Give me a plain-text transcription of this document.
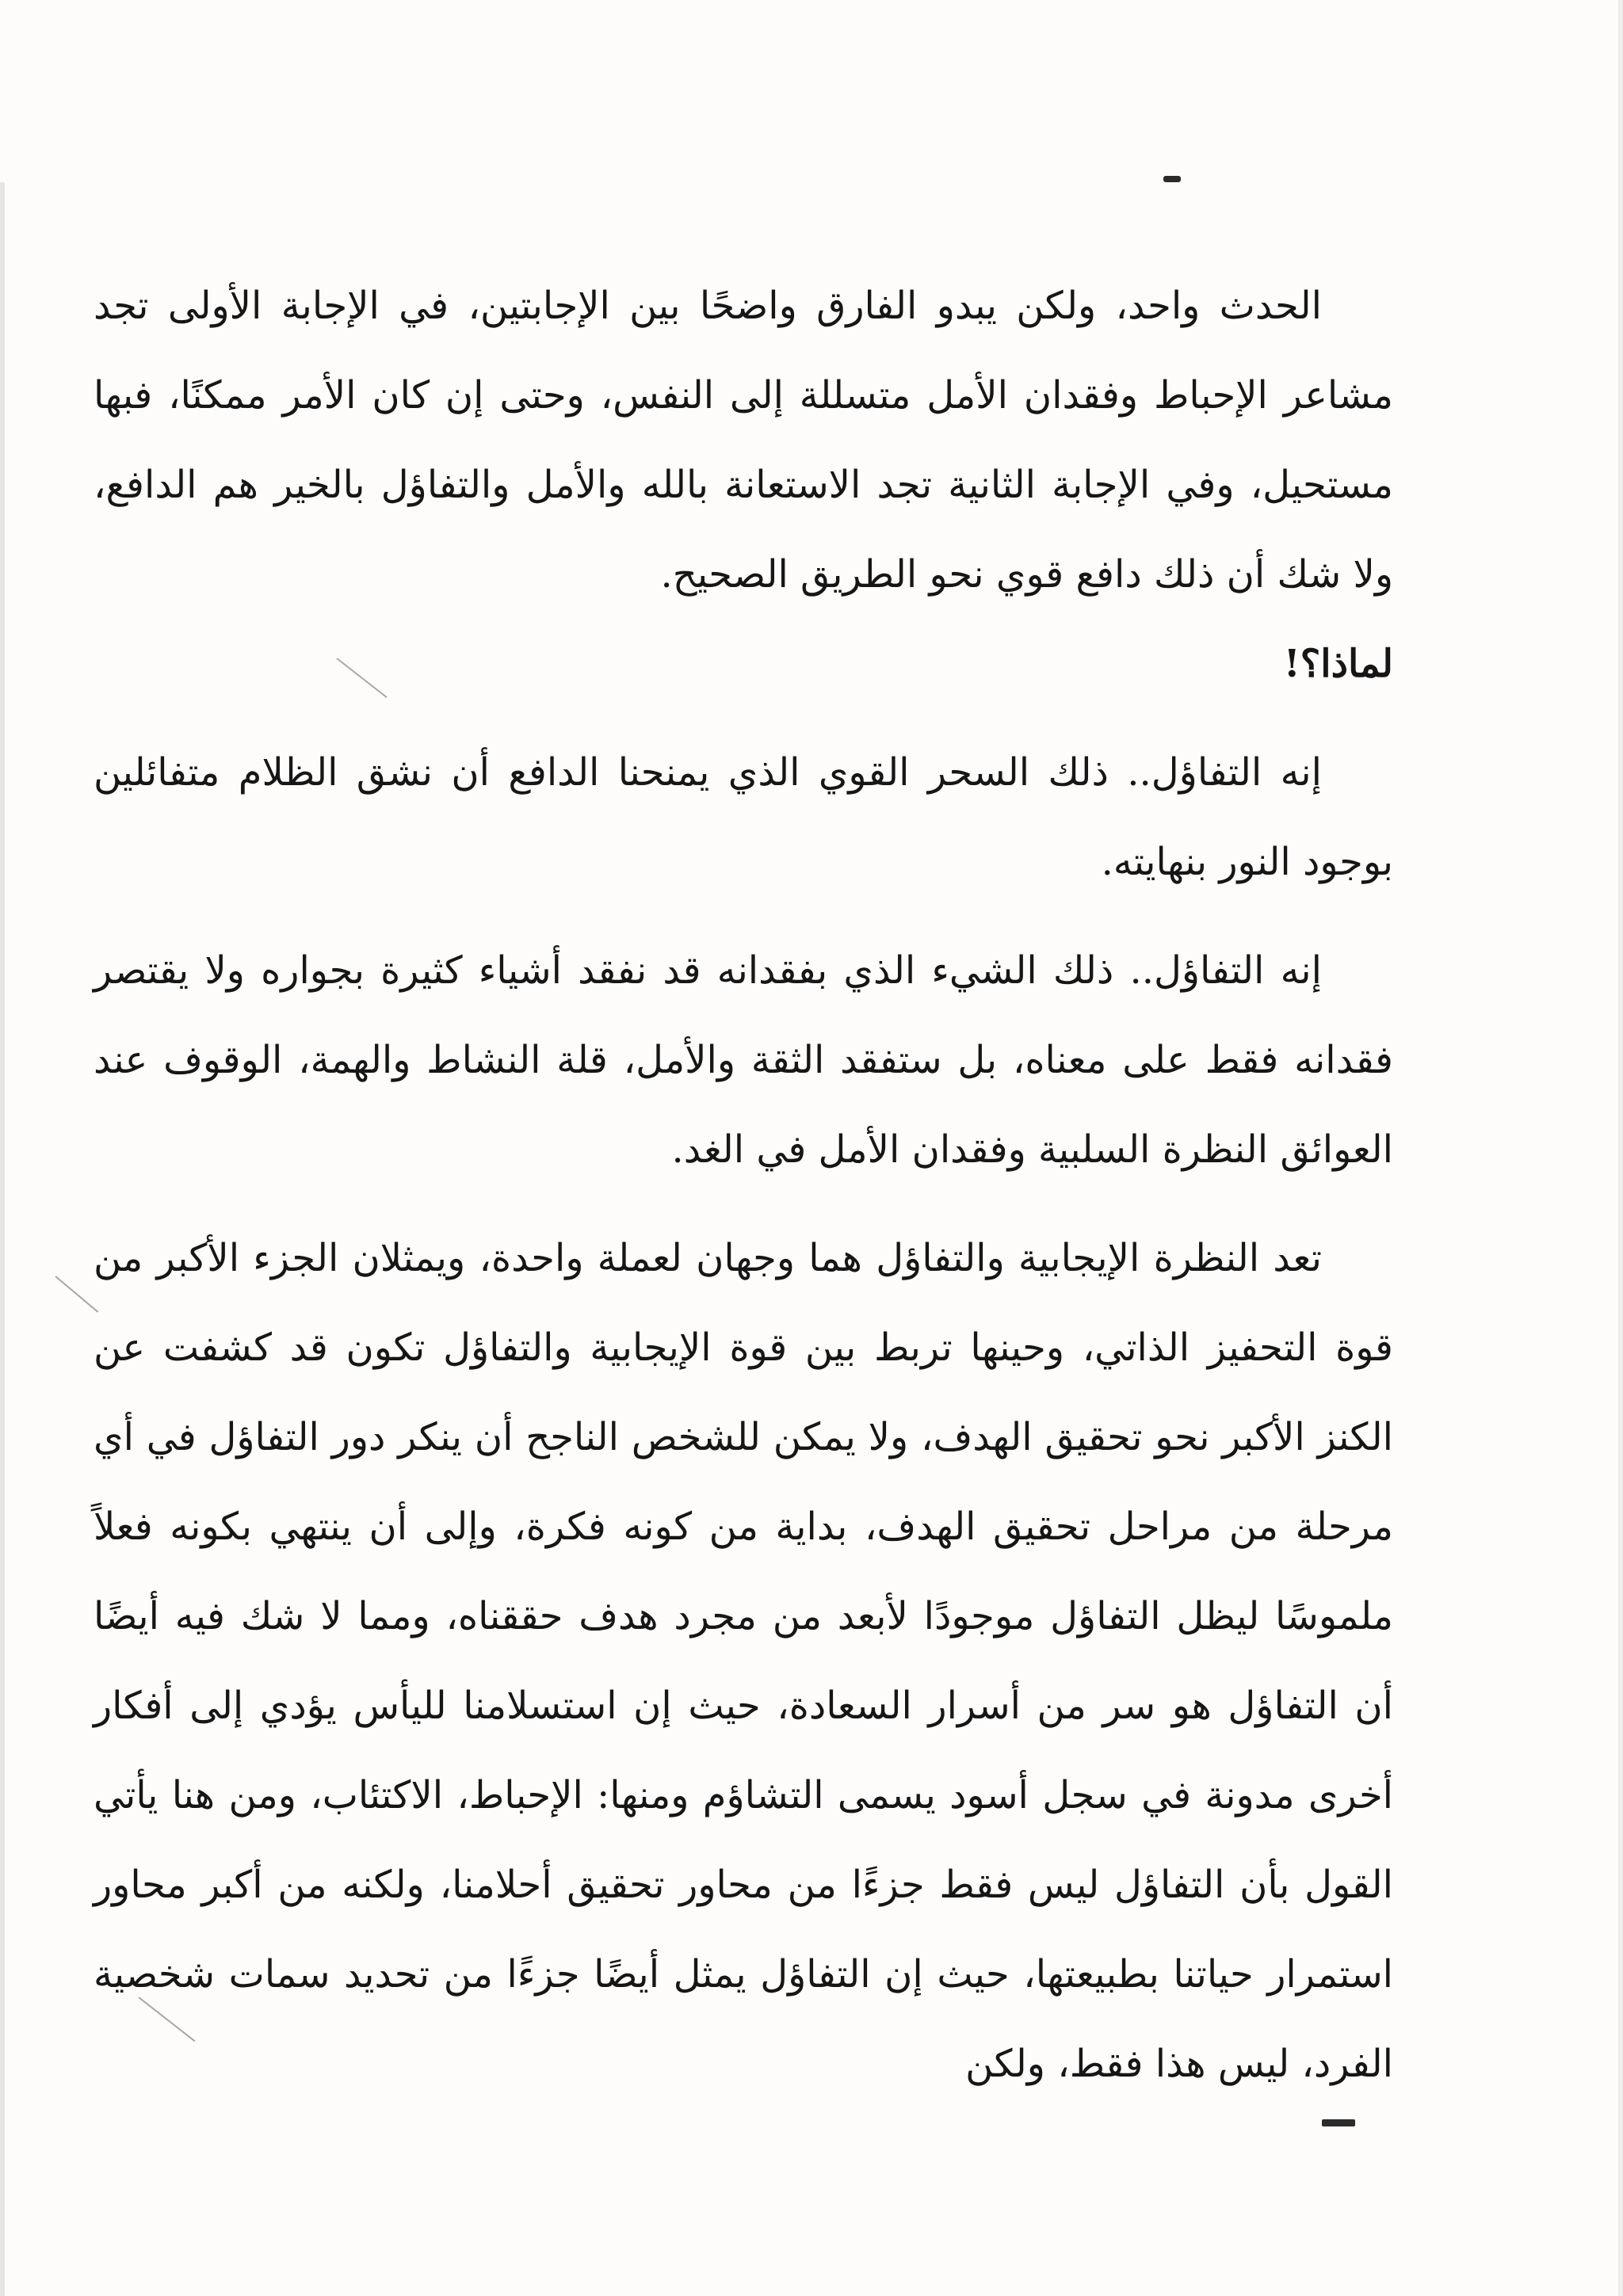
الحدث واحد، ولكن يبدو الفارق واضحًا بين الإجابتين، في الإجابة الأولى تجد مشاعر الإحباط وفقدان الأمل متسللة إلى النفس، وحتى إن كان الأمر ممكنًا، فبها مستحيل، وفي الإجابة الثانية تجد الاستعانة بالله والأمل والتفاؤل بالخير هم الدافع، ولا شك أن ذلك دافع قوي نحو الطريق الصحيح.

لماذا؟!

إنه التفاؤل.. ذلك السحر القوي الذي يمنحنا الدافع أن نشق الظلام متفائلين بوجود النور بنهايته.

إنه التفاؤل.. ذلك الشيء الذي بفقدانه قد نفقد أشياء كثيرة بجواره ولا يقتصر فقدانه فقط على معناه، بل ستفقد الثقة والأمل، قلة النشاط والهمة، الوقوف عند العوائق النظرة السلبية وفقدان الأمل في الغد.

تعد النظرة الإيجابية والتفاؤل هما وجهان لعملة واحدة، ويمثلان الجزء الأكبر من قوة التحفيز الذاتي، وحينها تربط بين قوة الإيجابية والتفاؤل تكون قد كشفت عن الكنز الأكبر نحو تحقيق الهدف، ولا يمكن للشخص الناجح أن ينكر دور التفاؤل في أي مرحلة من مراحل تحقيق الهدف، بداية من كونه فكرة، وإلى أن ينتهي بكونه فعلاً ملموسًا ليظل التفاؤل موجودًا لأبعد من مجرد هدف حققناه، ومما لا شك فيه أيضًا أن التفاؤل هو سر من أسرار السعادة، حيث إن استسلامنا لليأس يؤدي إلى أفكار أخرى مدونة في سجل أسود يسمى التشاؤم ومنها: الإحباط، الاكتئاب، ومن هنا يأتي القول بأن التفاؤل ليس فقط جزءًا من محاور تحقيق أحلامنا، ولكنه من أكبر محاور استمرار حياتنا بطبيعتها، حيث إن التفاؤل يمثل أيضًا جزءًا من تحديد سمات شخصية الفرد، ليس هذا فقط، ولكن
